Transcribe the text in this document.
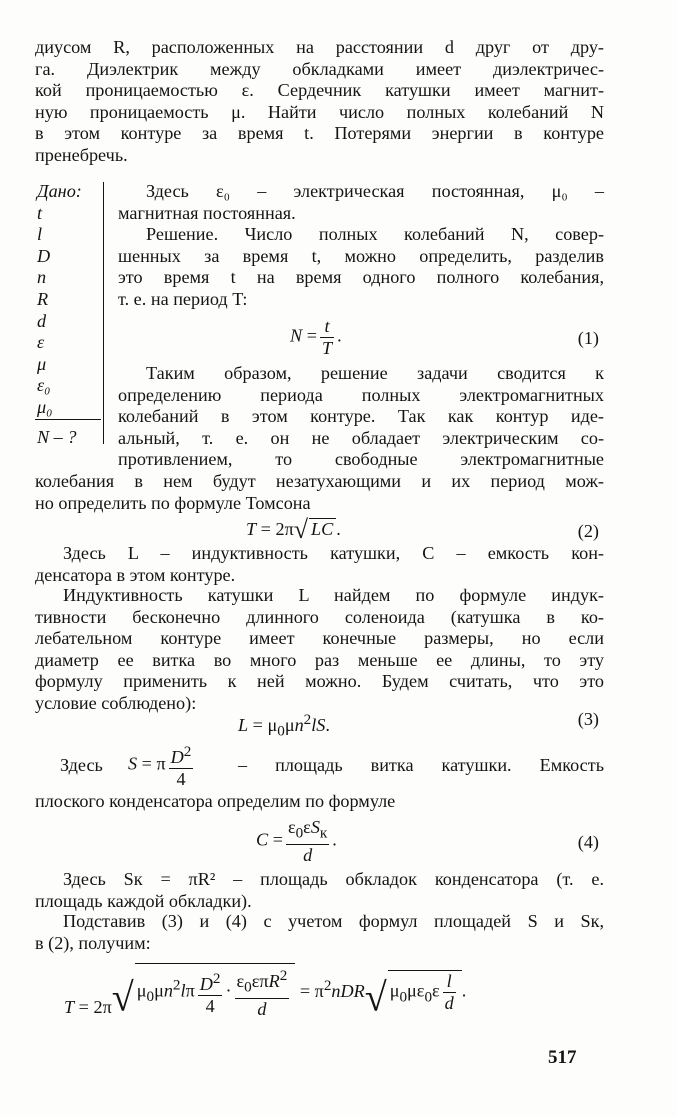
диусом R, расположенных на расстоянии d друг от дру-
га. Диэлектрик между обкладками имеет диэлектричес-
кой проницаемостью ε. Сердечник катушки имеет магнит-
ную проницаемость μ. Найти число полных колебаний N
в этом контуре за время t. Потерями энергии в контуре
пренебречь.
Дано:
t
l
D
n
R
d
ε
μ
ε₀
μ₀
N – ?
Здесь ε₀ – электрическая постоянная, μ₀ –
магнитная постоянная.
Решение. Число полных колебаний N, совер-
шенных за время t, можно определить, разделив
это время t на время одного полного колебания,
т. е. на период T:
$N = \frac{t}{T}$ .	(1)
Таким образом, решение задачи сводится к
определению периода полных электромагнитных
колебаний в этом контуре. Так как контур иде-
альный, т. е. он не обладает электрическим со-
противлением, то свободные электромагнитные
колебания в нем будут незатухающими и их период мож-
но определить по формуле Томсона
T = 2π√ LC .	(2)
Здесь L – индуктивность катушки, C – емкость кон-
денсатора в этом контуре.
Индуктивность катушки L найдем по формуле индук-
тивности бесконечно длинного соленоида (катушка в ко-
лебательном контуре имеет конечные размеры, но если
диаметр ее витка во много раз меньше ее длины, то эту
формулу применить к ней можно. Будем считать, что это
условие соблюдено):
$L = \mu_0\mu n^2lS$.	(3)
Здесь S = π $\frac{D^2}{4}$ – площадь витка катушки. Емкость
плоского конденсатора определим по формуле
$C = \frac{\varepsilon_0\varepsilon S_к}{d}$ .	(4)
Здесь Sк = πR² – площадь обкладок конденсатора (т. е.
площадь каждой обкладки).
Подставив (3) и (4) с учетом формул площадей S и Sк,
в (2), получим:
T = 2π√ $\mu_0\mu n^2l\pi \frac{D^2}{4} \cdot \frac{\varepsilon_0\varepsilon\pi R^2}{d} = \pi^2nDR√$ $\mu_0\mu\varepsilon_0\varepsilon \frac{l}{d}$ .
517
